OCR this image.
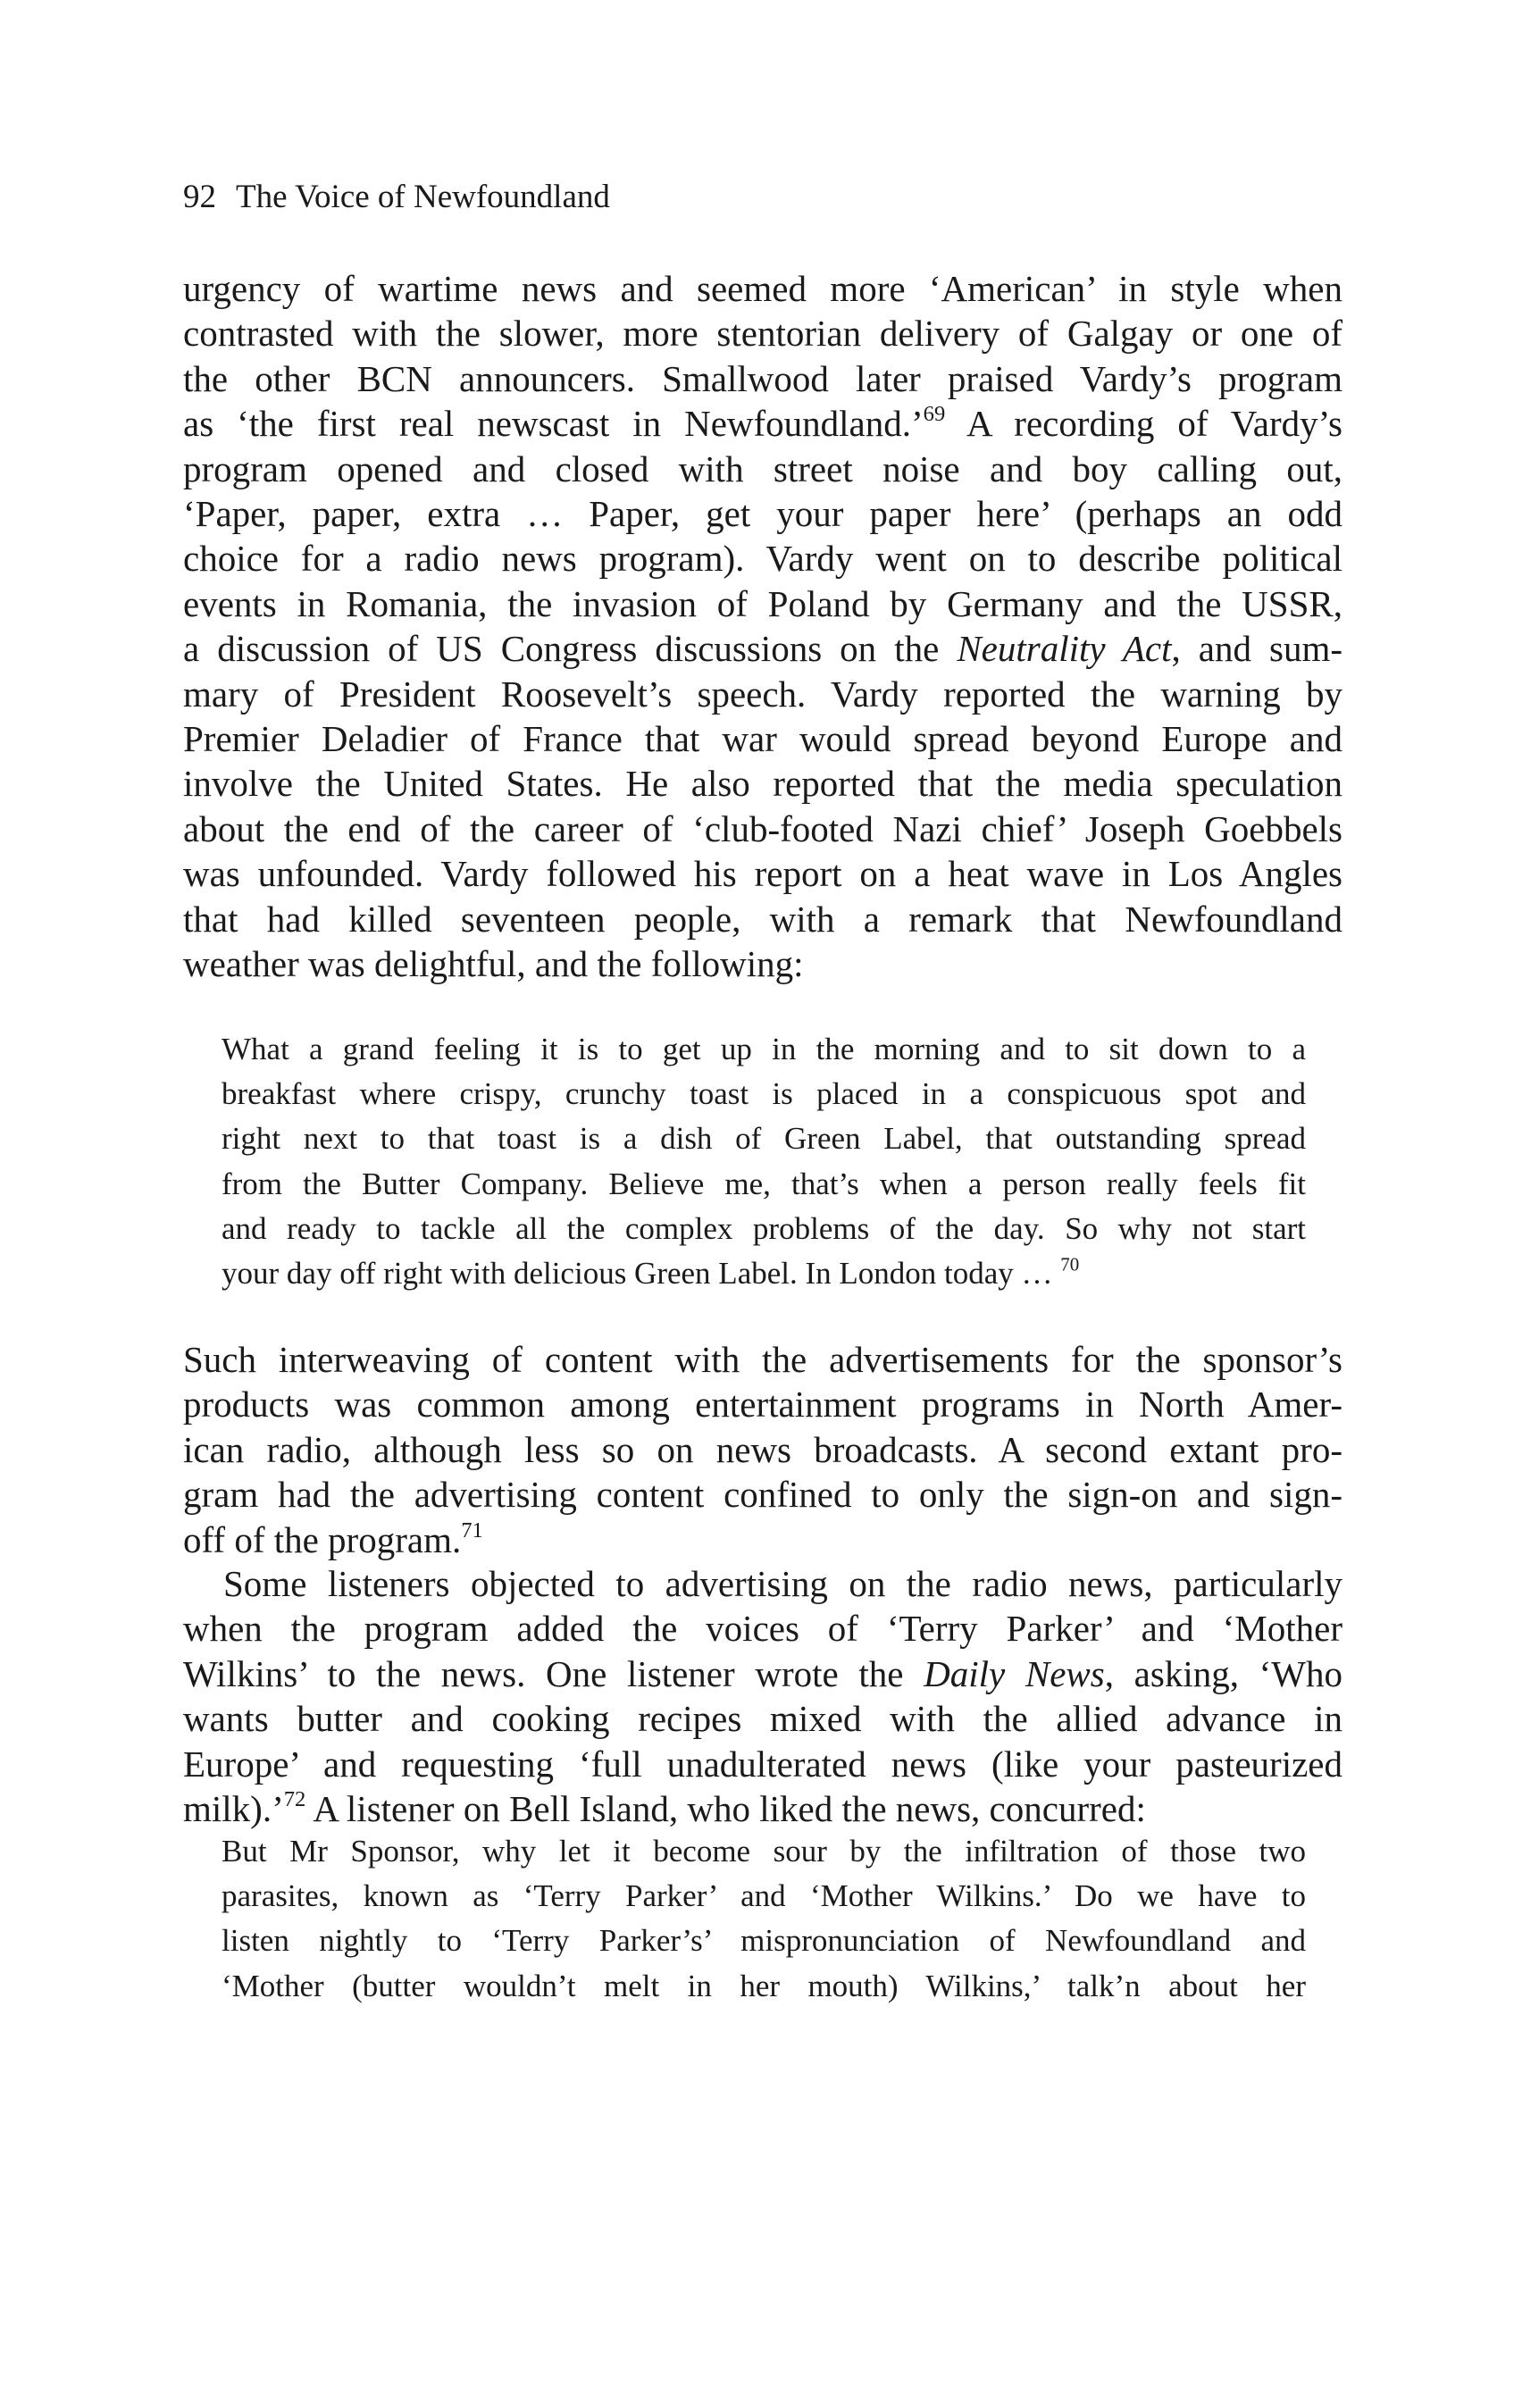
92 The Voice of Newfoundland
urgency of wartime news and seemed more ‘American’ in style when
contrasted with the slower, more stentorian delivery of Galgay or one of
the other BCN announcers. Smallwood later praised Vardy’s program
as ‘the first real newscast in Newfoundland.’$^{69}$ A recording of Vardy’s
program opened and closed with street noise and boy calling out,
‘Paper, paper, extra … Paper, get your paper here’ (perhaps an odd
choice for a radio news program). Vardy went on to describe political
events in Romania, the invasion of Poland by Germany and the USSR,
a discussion of US Congress discussions on the Neutrality Act, and sum-
mary of President Roosevelt’s speech. Vardy reported the warning by
Premier Deladier of France that war would spread beyond Europe and
involve the United States. He also reported that the media speculation
about the end of the career of ‘club-footed Nazi chief’ Joseph Goebbels
was unfounded. Vardy followed his report on a heat wave in Los Angles
that had killed seventeen people, with a remark that Newfoundland
weather was delightful, and the following:
What a grand feeling it is to get up in the morning and to sit down to a
breakfast where crispy, crunchy toast is placed in a conspicuous spot and
right next to that toast is a dish of Green Label, that outstanding spread
from the Butter Company. Believe me, that’s when a person really feels fit
and ready to tackle all the complex problems of the day. So why not start
your day off right with delicious Green Label. In London today … $^{70}$
Such interweaving of content with the advertisements for the sponsor’s
products was common among entertainment programs in North Amer-
ican radio, although less so on news broadcasts. A second extant pro-
gram had the advertising content confined to only the sign-on and sign-
off of the program.$^{71}$
Some listeners objected to advertising on the radio news, particularly
when the program added the voices of ‘Terry Parker’ and ‘Mother
Wilkins’ to the news. One listener wrote the Daily News, asking, ‘Who
wants butter and cooking recipes mixed with the allied advance in
Europe’ and requesting ‘full unadulterated news (like your pasteurized
milk).’$^{72}$ A listener on Bell Island, who liked the news, concurred:
But Mr Sponsor, why let it become sour by the infiltration of those two
parasites, known as ‘Terry Parker’ and ‘Mother Wilkins.’ Do we have to
listen nightly to ‘Terry Parker’s’ mispronunciation of Newfoundland and
‘Mother (butter wouldn’t melt in her mouth) Wilkins,’ talk’n about her
